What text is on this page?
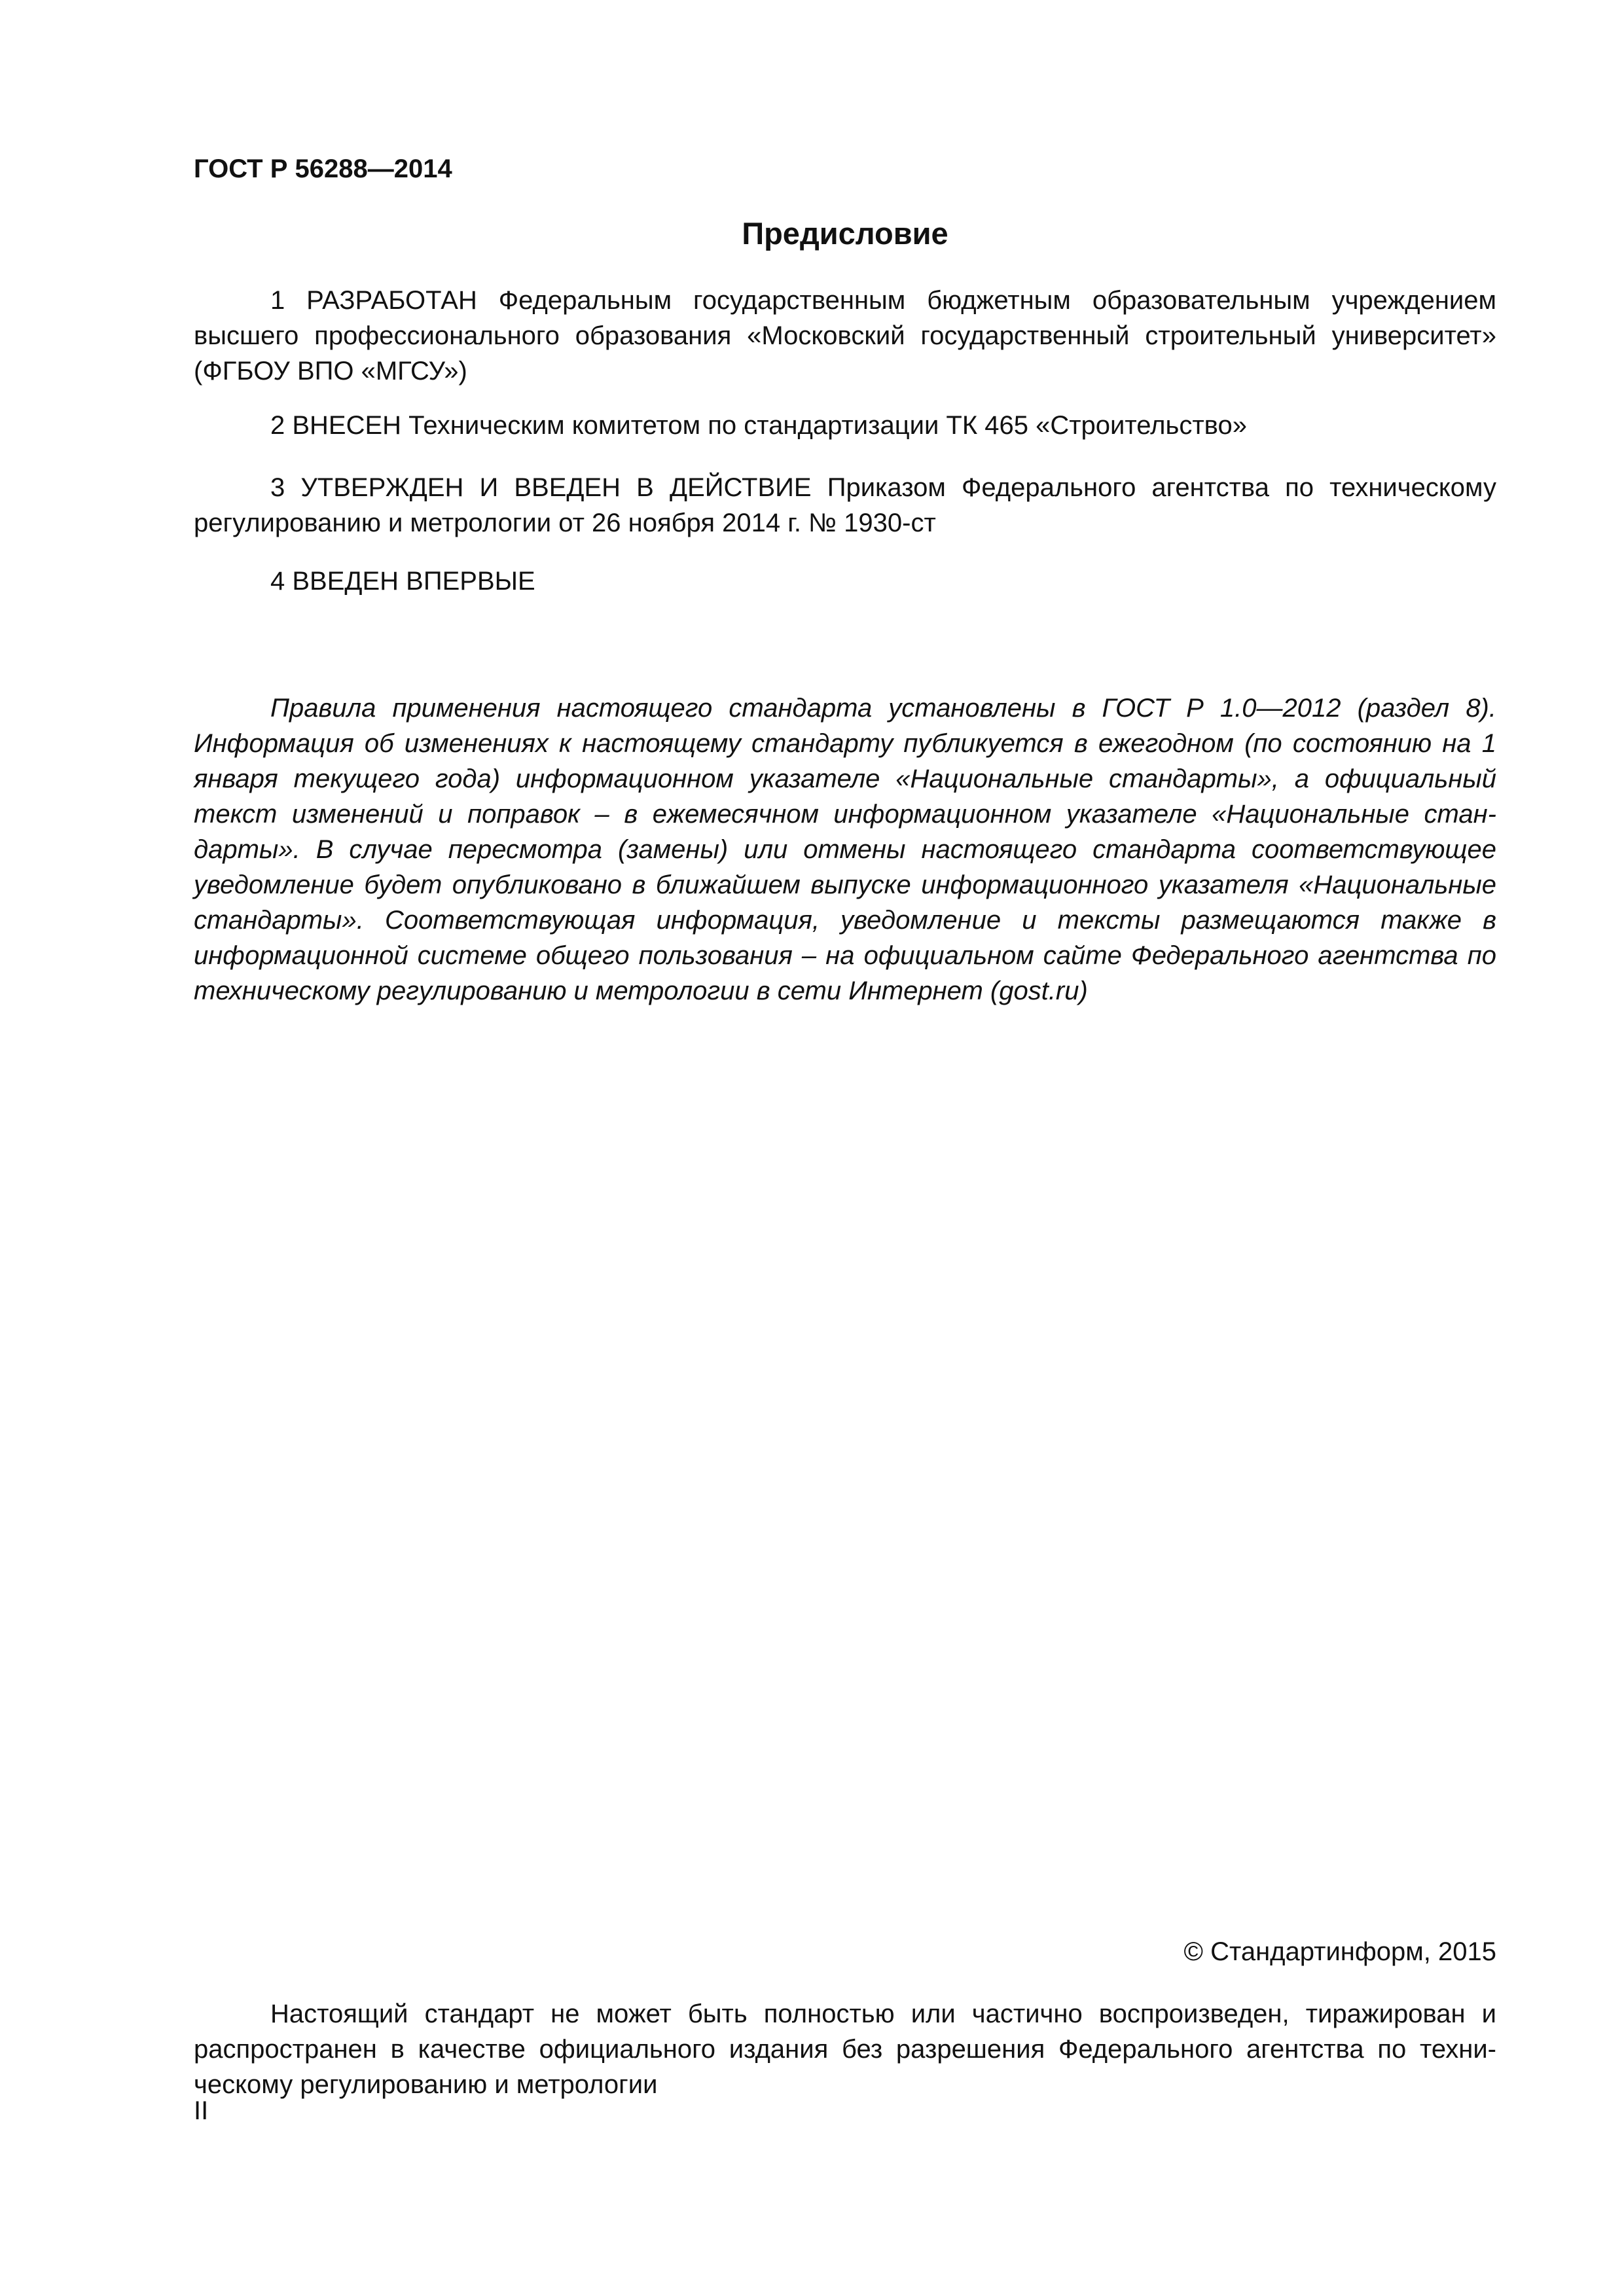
ГОСТ Р 56288—2014
Предисловие

1 РАЗРАБОТАН Федеральным государственным бюджетным образовательным учреждением высшего профессионального образования «Московский государственный строительный университет» (ФГБОУ ВПО «МГСУ»)

2 ВНЕСЕН Техническим комитетом по стандартизации ТК 465 «Строительство»

3 УТВЕРЖДЕН И ВВЕДЕН В ДЕЙСТВИЕ Приказом Федерального агентства по техническому регулированию и метрологии от 26 ноября 2014 г. № 1930-ст

4 ВВЕДЕН ВПЕРВЫЕ

Правила применения настоящего стандарта установлены в ГОСТ Р 1.0—2012 (раздел 8). Информация об изменениях к настоящему стандарту публикуется в ежегодном (по состоянию на 1 января текущего года) информационном указателе «Национальные стандарты», а официальный текст изменений и поправок – в ежемесячном информационном указателе «Национальные стандарты». В случае пересмотра (замены) или отмены настоящего стандарта соответствующее уведомление будет опубликовано в ближайшем выпуске информационного указателя «Национальные стандарты». Соответствующая информация, уведомление и тексты размещаются также в информационной системе общего пользования – на официальном сайте Федерального агентства по техническому регулированию и метрологии в сети Интернет (gost.ru)

© Стандартинформ, 2015

Настоящий стандарт не может быть полностью или частично воспроизведен, тиражирован и распространен в качестве официального издания без разрешения Федерального агентства по техническому регулированию и метрологии

II
